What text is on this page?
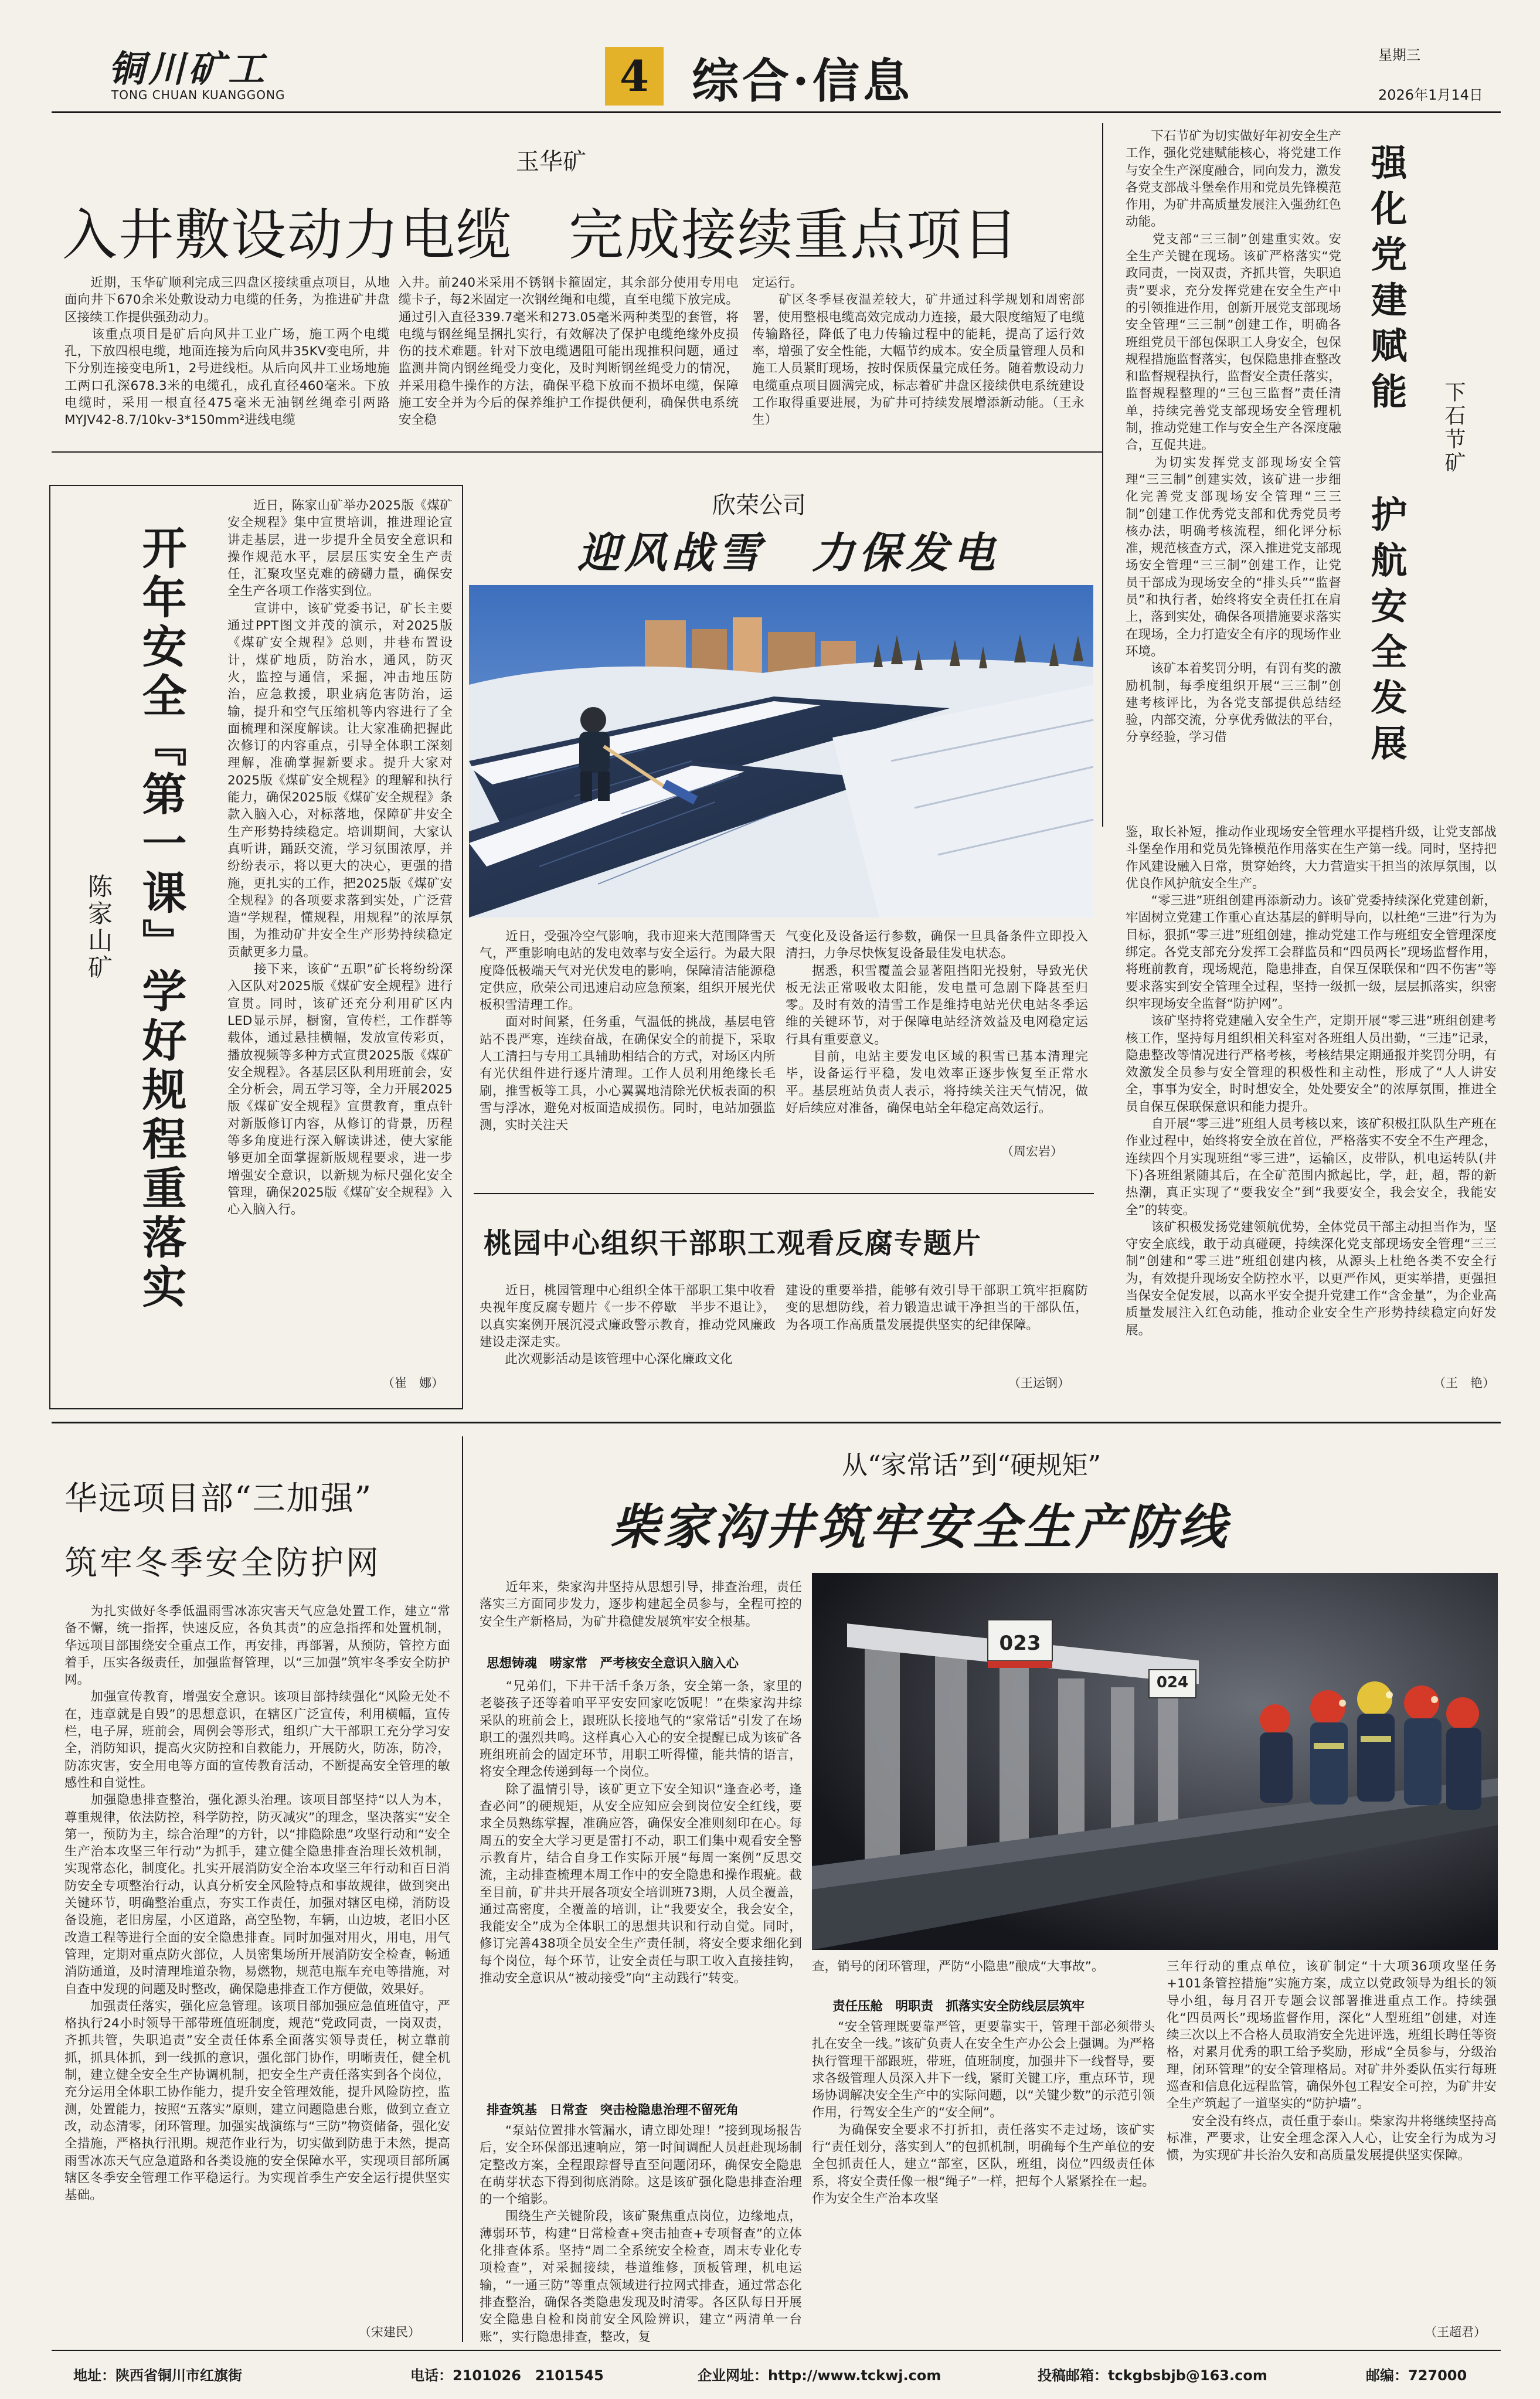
铜川矿工
TONG CHUAN KUANGGONG	4 综合·信息	星期三
2026年1月14日
玉华矿
入井敷设动力电缆　完成接续重点项目

　　近期，玉华矿顺利完成三四盘区接续重点项目，从地面向井下670余米处敷设动力电缆的任务，为推进矿井盘区接续工作提供强劲动力。
　　该重点项目是矿后向风井工业广场，施工两个电缆孔，下放四根电缆，地面连接为后向风井35KV变电所，井下分别连接变电所1，2号进线柜。从后向风井工业场地施工两口孔深678.3米的电缆孔，成孔直径460毫米。下放电缆时，采用一根直径475毫米无油钢丝绳牵引两路MYJV42-8.7/10kv-3*150mm²进线电缆

入井。前240米采用不锈钢卡箍固定，其余部分使用专用电缆卡子，每2米固定一次钢丝绳和电缆，直至电缆下放完成。通过引入直径339.7毫米和273.05毫米两种类型的套管，将电缆与钢丝绳呈捆扎实行，有效解决了保护电缆绝缘外皮损伤的技术难题。针对下放电缆遇阻可能出现推积问题，通过监测井筒内钢丝绳受力变化，及时判断钢丝绳受力的情况，并采用稳牛操作的方法，确保平稳下放而不损坏电缆，保障施工安全并为今后的保养维护工作提供便利，确保供电系统安全稳

定运行。
　　矿区冬季昼夜温差较大，矿井通过科学规划和周密部署，使用整根电缆高效完成动力连接，最大限度缩短了电缆传输路径，降低了电力传输过程中的能耗，提高了运行效率，增强了安全性能，大幅节约成本。安全质量管理人员和施工人员紧盯现场，按时保质保量完成任务。随着敷设动力电缆重点项目圆满完成，标志着矿井盘区接续供电系统建设工作取得重要进展，为矿井可持续发展增添新动能。（王永生）

开年安全『第一课』学好规程重落实
陈家山矿

　　近日，陈家山矿举办2025版《煤矿安全规程》集中宣贯培训，推进理论宣讲走基层，进一步提升全员安全意识和操作规范水平，层层压实安全生产责任，汇聚攻坚克难的磅礴力量，确保安全生产各项工作落实到位。
　　宣讲中，该矿党委书记，矿长主要通过PPT图文并茂的演示，对2025版《煤矿安全规程》总则，井巷布置设计，煤矿地质，防治水，通风，防灭火，监控与通信，采掘，冲击地压防治，应急救援，职业病危害防治，运输，提升和空气压缩机等内容进行了全面梳理和深度解读。让大家准确把握此次修订的内容重点，引导全体职工深刻理解，准确掌握新要求。提升大家对2025版《煤矿安全规程》的理解和执行能力，确保2025版《煤矿安全规程》条款入脑入心，对标落地，保障矿井安全生产形势持续稳定。培训期间，大家认真听讲，踊跃交流，学习氛围浓厚，并纷纷表示，将以更大的决心，更强的措施，更扎实的工作，把2025版《煤矿安全规程》的各项要求落到实处，广泛营造“学规程，懂规程，用规程”的浓厚氛围，为推动矿井安全生产形势持续稳定贡献更多力量。
　　接下来，该矿“五职”矿长将纷纷深入区队对2025版《煤矿安全规程》进行宣贯。同时，该矿还充分利用矿区内LED显示屏，橱窗，宣传栏，工作群等载体，通过悬挂横幅，发放宣传彩页，播放视频等多种方式宣贯2025版《煤矿安全规程》。各基层区队利用班前会，安全分析会，周五学习等，全力开展2025版《煤矿安全规程》宣贯教育，重点针对新版修订内容，从修订的背景，历程等多角度进行深入解读讲述，使大家能够更加全面掌握新版规程要求，进一步增强安全意识，以新规为标尺强化安全管理，确保2025版《煤矿安全规程》入心入脑入行。

（崔　娜）
欣荣公司
迎风战雪　力保发电

　　近日，受强冷空气影响，我市迎来大范围降雪天气，严重影响电站的发电效率与安全运行。为最大限度降低极端天气对光伏发电的影响，保障清洁能源稳定供应，欣荣公司迅速启动应急预案，组织开展光伏板积雪清理工作。
　　面对时间紧，任务重，气温低的挑战，基层电管站不畏严寒，连续奋战，在确保安全的前提下，采取人工清扫与专用工具辅助相结合的方式，对场区内所有光伏组件进行逐片清理。工作人员利用绝缘长毛刷，推雪板等工具，小心翼翼地清除光伏板表面的积雪与浮冰，避免对板面造成损伤。同时，电站加强监测，实时关注天

气变化及设备运行参数，确保一旦具备条件立即投入清扫，力争尽快恢复设备最佳发电状态。
　　据悉，积雪覆盖会显著阻挡阳光投射，导致光伏板无法正常吸收太阳能，发电量可急剧下降甚至归零。及时有效的清雪工作是维持电站光伏电站冬季运维的关键环节，对于保障电站经济效益及电网稳定运行具有重要意义。
　　目前，电站主要发电区域的积雪已基本清理完毕，设备运行平稳，发电效率正逐步恢复至正常水平。基层班站负责人表示，将持续关注天气情况，做好后续应对准备，确保电站全年稳定高效运行。

（周宏岩）
桃园中心组织干部职工观看反腐专题片

　　近日，桃园管理中心组织全体干部职工集中收看央视年度反腐专题片《一步不停歇　半步不退让》，以真实案例开展沉浸式廉政警示教育，推动党风廉政建设走深走实。
　　此次观影活动是该管理中心深化廉政文化

建设的重要举措，能够有效引导干部职工筑牢拒腐防变的思想防线，着力锻造忠诚干净担当的干部队伍，为各项工作高质量发展提供坚实的纪律保障。

（王运钢）

　　下石节矿为切实做好年初安全生产工作，强化党建赋能核心，将党建工作与安全生产深度融合，同向发力，激发各党支部战斗堡垒作用和党员先锋模范作用，为矿井高质量发展注入强劲红色动能。
　　党支部“三三制”创建重实效。安全生产关键在现场。该矿严格落实“党政同责，一岗双责，齐抓共管，失职追责”要求，充分发挥党建在安全生产中的引领推进作用，创新开展党支部现场安全管理“三三制”创建工作，明确各班组党员干部包保职工人身安全，包保规程措施监督落实，包保隐患排查整改和监督规程执行，监督安全责任落实，监督规程整理的“三包三监督”责任清单，持续完善党支部现场安全管理机制，推动党建工作与安全生产各深度融合，互促共进。
　　为切实发挥党支部现场安全管理“三三制”创建实效，该矿进一步细化完善党支部现场安全管理“三三制”创建工作优秀党支部和优秀党员考核办法，明确考核流程，细化评分标准，规范核查方式，深入推进党支部现场安全管理“三三制”创建工作，让党员干部成为现场安全的“排头兵”“监督员”和执行者，始终将安全责任扛在肩上，落到实处，确保各项措施要求落实在现场，全力打造安全有序的现场作业环境。
　　该矿本着奖罚分明，有罚有奖的激励机制，每季度组织开展“三三制”创建考核评比，为各党支部提供总结经验，内部交流，分享优秀做法的平台，分享经验，学习借

强化党建赋能
护航安全发展
下石节矿

鉴，取长补短，推动作业现场安全管理水平提档升级，让党支部战斗堡垒作用和党员先锋模范作用落实在生产第一线。同时，坚持把作风建设融入日常，贯穿始终，大力营造实干担当的浓厚氛围，以优良作风护航安全生产。
　　“零三进”班组创建再添新动力。该矿党委持续深化党建创新，牢固树立党建工作重心直达基层的鲜明导向，以杜绝“三进”行为为目标，狠抓“零三进”班组创建，推动党建工作与班组安全管理深度绑定。各党支部充分发挥工会群监员和“四员两长”现场监督作用，将班前教育，现场规范，隐患排查，自保互保联保和“四不伤害”等要求落实到安全管理全过程，坚持一级抓一级，层层抓落实，织密织牢现场安全监督“防护网”。
　　该矿坚持将党建融入安全生产，定期开展“零三进”班组创建考核工作，坚持每月组织相关科室对各班组人员出勤，“三违”记录，隐患整改等情况进行严格考核，考核结果定期通报并奖罚分明，有效激发全员参与安全管理的积极性和主动性，形成了“人人讲安全，事事为安全，时时想安全，处处要安全”的浓厚氛围，推进全员自保互保联保意识和能力提升。
　　自开展“零三进”班组人员考核以来，该矿积极扛队队生产班在作业过程中，始终将安全放在首位，严格落实不安全不生产理念，连续四个月实现班组“零三进”，运输区，皮带队，机电运转队(井下)各班组紧随其后，在全矿范围内掀起比，学，赶，超，帮的新热潮，真正实现了“要我安全”到“我要安全，我会安全，我能安全”的转变。
　　该矿积极发扬党建领航优势，全体党员干部主动担当作为，坚守安全底线，敢于动真碰硬，持续深化党支部现场安全管理“三三制”创建和“零三进”班组创建内核，从源头上杜绝各类不安全行为，有效提升现场安全防控水平，以更严作风，更实举措，更强担当保安全促发展，以高水平安全提升党建工作“含金量”，为企业高质量发展注入红色动能，推动企业安全生产形势持续稳定向好发展。

（王　艳）
华远项目部“三加强”
筑牢冬季安全防护网

　　为扎实做好冬季低温雨雪冰冻灾害天气应急处置工作，建立“常备不懈，统一指挥，快速反应，各负其责”的应急指挥和处置机制，华远项目部围绕安全重点工作，再安排，再部署，从预防，管控方面着手，压实各级责任，加强监督管理，以“三加强”筑牢冬季安全防护网。
　　加强宣传教育，增强安全意识。该项目部持续强化“风险无处不在，违章就是自毁”的思想意识，在辖区广泛宣传，利用横幅，宣传栏，电子屏，班前会，周例会等形式，组织广大干部职工充分学习安全，消防知识，提高火灾防控和自救能力，开展防火，防冻，防冷，防冻灾害，安全用电等方面的宣传教育活动，不断提高安全管理的敏感性和自觉性。
　　加强隐患排查整治，强化源头治理。该项目部坚持“以人为本，尊重规律，依法防控，科学防控，防灭减灾”的理念，坚决落实“安全第一，预防为主，综合治理”的方针，以“排隐除患”攻坚行动和“安全生产治本攻坚三年行动”为抓手，建立健全隐患排查治理长效机制，实现常态化，制度化。扎实开展消防安全治本攻坚三年行动和百日消防安全专项整治行动，认真分析安全风险特点和事故规律，做到突出关键环节，明确整治重点，夯实工作责任，加强对辖区电梯，消防设备设施，老旧房屋，小区道路，高空坠物，车辆，山边坡，老旧小区改造工程等进行全面的安全隐患排查。同时加强对用火，用电，用气管理，定期对重点防火部位，人员密集场所开展消防安全检查，畅通消防通道，及时清理堆道杂物，易燃物，规范电瓶车充电等措施，对自查中发现的问题及时整改，确保隐患排查工作方便做，效果好。
　　加强责任落实，强化应急管理。该项目部加强应急值班值守，严格执行24小时领导干部带班值班制度，规范“党政同责，一岗双责，齐抓共管，失职追责”安全责任体系全面落实领导责任，树立靠前抓，抓具体抓，到一线抓的意识，强化部门协作，明晰责任，健全机制，建立健全安全生产协调机制，把安全生产责任落实到各个岗位，充分运用全体职工协作能力，提升安全管理效能，提升风险防控，监测，处置能力，按照“五落实”原则，建立问题隐患台账，做到立查立改，动态清零，闭环管理。加强实战演练与“三防”物资储备，强化安全措施，严格执行汛期。规范作业行为，切实做到防患于未然，提高雨雪冰冻天气应急道路和各类设施的安全保障水平，实现项目部所属辖区冬季安全管理工作平稳运行。为实现首季生产安全运行提供坚实基础。

（宋建民）
从“家常话”到“硬规矩”
柴家沟井筑牢安全生产防线
023
024

　　近年来，柴家沟井坚持从思想引导，排查治理，责任落实三方面同步发力，逐步构建起全员参与，全程可控的安全生产新格局，为矿井稳健发展筑牢安全根基。

思想铸魂　唠家常　严考核安全意识入脑入心

　　“兄弟们，下井干活千条万条，安全第一条，家里的老婆孩子还等着咱平平安安回家吃饭呢！”在柴家沟井综采队的班前会上，跟班队长接地气的“家常话”引发了在场职工的强烈共鸣。这样真心入心的安全提醒已成为该矿各班组班前会的固定环节，用职工听得懂，能共情的语言，将安全理念传递到每一个岗位。
　　除了温情引导，该矿更立下安全知识“逢查必考，逢查必问”的硬规矩，从安全应知应会到岗位安全红线，要求全员熟练掌握，准确应答，确保安全准则刻印在心。每周五的安全大学习更是雷打不动，职工们集中观看安全警示教育片，结合自身工作实际开展“每周一案例”反思交流，主动排查梳理本周工作中的安全隐患和操作瑕疵。截至目前，矿井共开展各项安全培训班73期，人员全覆盖，通过高密度，全覆盖的培训，让“我要安全，我会安全，我能安全”成为全体职工的思想共识和行动自觉。同时，修订完善438项全员安全生产责任制，将安全要求细化到每个岗位，每个环节，让安全责任与职工收入直接挂钩，推动安全意识从“被动接受”向“主动践行”转变。

排查筑基　日常查　突击检隐患治理不留死角

　　“泵站位置排水管漏水，请立即处理！”接到现场报告后，安全环保部迅速响应，第一时间调配人员赶赴现场制定整改方案，全程跟踪督导直至问题闭环，确保安全隐患在萌芽状态下得到彻底消除。这是该矿强化隐患排查治理的一个缩影。
　　围绕生产关键阶段，该矿聚焦重点岗位，边缘地点，薄弱环节，构建“日常检查+突击抽查+专项督查”的立体化排查体系。坚持“周二全系统安全检查，周末专业化专项检查”，对采掘接续，巷道维修，顶板管理，机电运输，“一通三防”等重点领域进行拉网式排查，通过常态化排查整治，确保各类隐患发现及时清零。各区队每日开展安全隐患自检和岗前安全风险辨识，建立“两清单一台账”，实行隐患排查，整改，复

查，销号的闭环管理，严防“小隐患”酿成“大事故”。

责任压舱　明职责　抓落实安全防线层层筑牢

　　“安全管理既要靠严管，更要靠实干，管理干部必须带头扎在安全一线。”该矿负责人在安全生产办公会上强调。为严格执行管理干部跟班，带班，值班制度，加强井下一线督导，要求各级管理人员深入井下一线，紧盯关键工序，重点环节，现场协调解决安全生产中的实际问题，以“关键少数”的示范引领作用，行驾安全生产的“安全闸”。
　　为确保安全要求不打折扣，责任落实不走过场，该矿实行“责任划分，落实到人”的包抓机制，明确每个生产单位的安全包抓责任人，建立“部室，区队，班组，岗位”四级责任体系，将安全责任像一根“绳子”一样，把每个人紧紧拴在一起。作为安全生产治本攻坚

三年行动的重点单位，该矿制定“十大项36项攻坚任务+101条管控措施”实施方案，成立以党政领导为组长的领导小组，每月召开专题会议部署推进重点工作。持续强化“四员两长”现场监督作用，深化“人型班组”创建，对连续三次以上不合格人员取消安全先进评选，班组长聘任等资格，对累月优秀的职工给予奖励，形成“全员参与，分级治理，闭环管理”的安全管理格局。对矿井外委队伍实行每班巡查和信息化远程监管，确保外包工程安全可控，为矿井安全生产筑起了一道坚实的“防护墙”。
　　安全没有终点，责任重于泰山。柴家沟井将继续坚持高标准，严要求，让安全理念深入人心，让安全行为成为习惯，为实现矿井长治久安和高质量发展提供坚实保障。

（王超君）
地址：陕西省铜川市红旗街	电话：2101026　2101545	企业网址：http://www.tckwj.com	投稿邮箱：tckgbsbjb@163.com	邮编：727000
